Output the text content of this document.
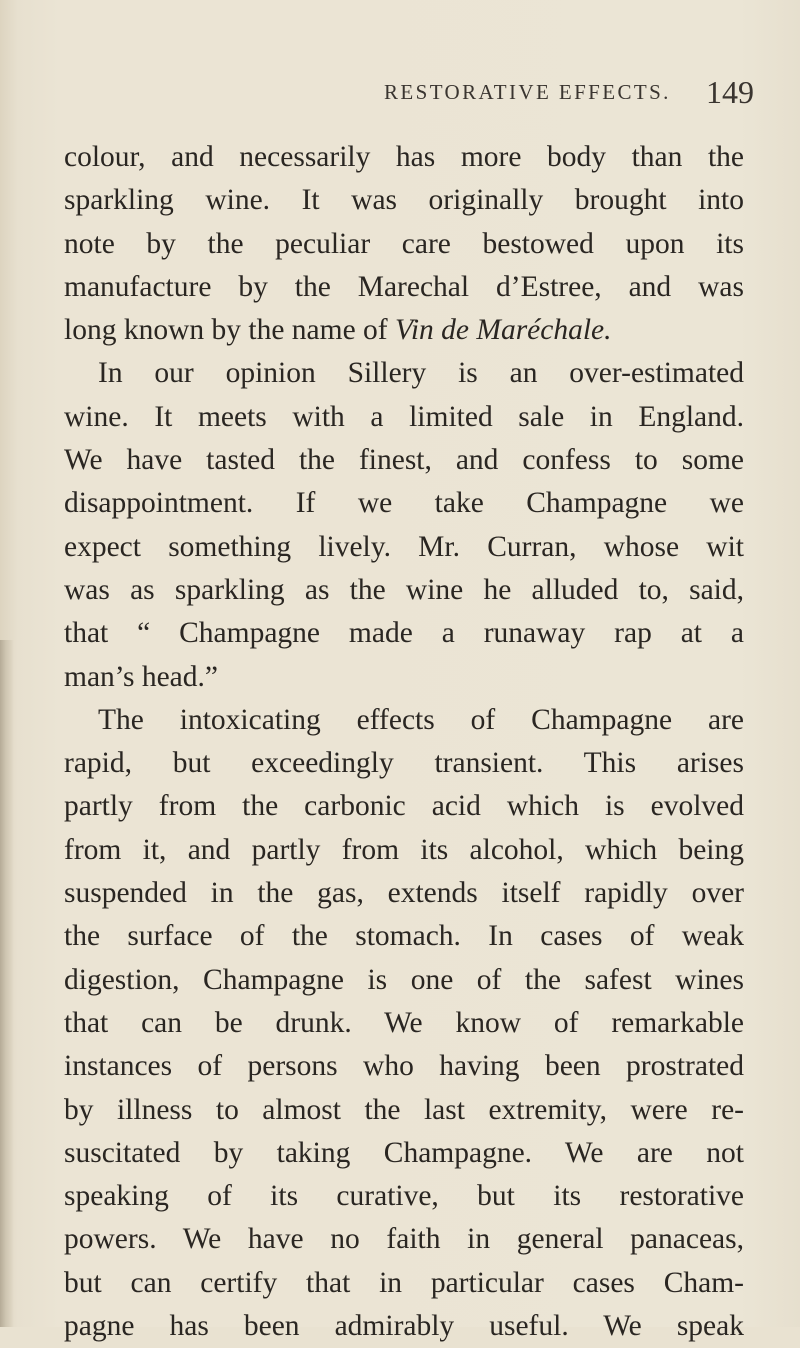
RESTORATIVE EFFECTS. 149
colour, and necessarily has more body than the
sparkling wine. It was originally brought into
note by the peculiar care bestowed upon its
manufacture by the Marechal d’Estree, and was
long known by the name of Vin de Maréchale.
In our opinion Sillery is an over-estimated
wine. It meets with a limited sale in England.
We have tasted the finest, and confess to some
disappointment. If we take Champagne we
expect something lively. Mr. Curran, whose wit
was as sparkling as the wine he alluded to, said,
that “ Champagne made a runaway rap at a
man’s head.”
The intoxicating effects of Champagne are
rapid, but exceedingly transient. This arises
partly from the carbonic acid which is evolved
from it, and partly from its alcohol, which being
suspended in the gas, extends itself rapidly over
the surface of the stomach. In cases of weak
digestion, Champagne is one of the safest wines
that can be drunk. We know of remarkable
instances of persons who having been prostrated
by illness to almost the last extremity, were re-
suscitated by taking Champagne. We are not
speaking of its curative, but its restorative
powers. We have no faith in general panaceas,
but can certify that in particular cases Cham-
pagne has been admirably useful. We speak
